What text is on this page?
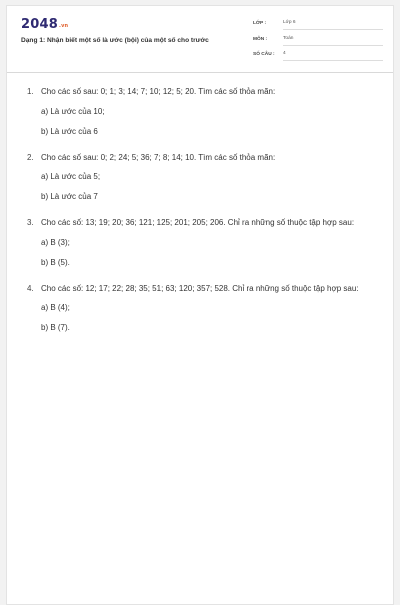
2048.vn
Dạng 1: Nhận biết một số là ước (bội) của một số cho trước
LỚP :	Lớp 6
MÔN :	Toán
SỐ CÂU : 4
1. Cho các số sau: 0; 1; 3; 14; 7; 10; 12; 5; 20. Tìm các số thỏa mãn:
a) Là ước của 10;
b) Là ước của 6
2. Cho các số sau: 0; 2; 24; 5; 36; 7; 8; 14; 10. Tìm các số thỏa mãn:
a) Là ước của 5;
b) Là ước của 7
3. Cho các số: 13; 19; 20; 36; 121; 125; 201; 205; 206. Chỉ ra những số thuộc tập hợp sau:
a) B (3);
b) B (5).
4. Cho các số: 12; 17; 22; 28; 35; 51; 63; 120; 357; 528. Chỉ ra những số thuộc tập hợp sau:
a) B (4);
b) B (7).
